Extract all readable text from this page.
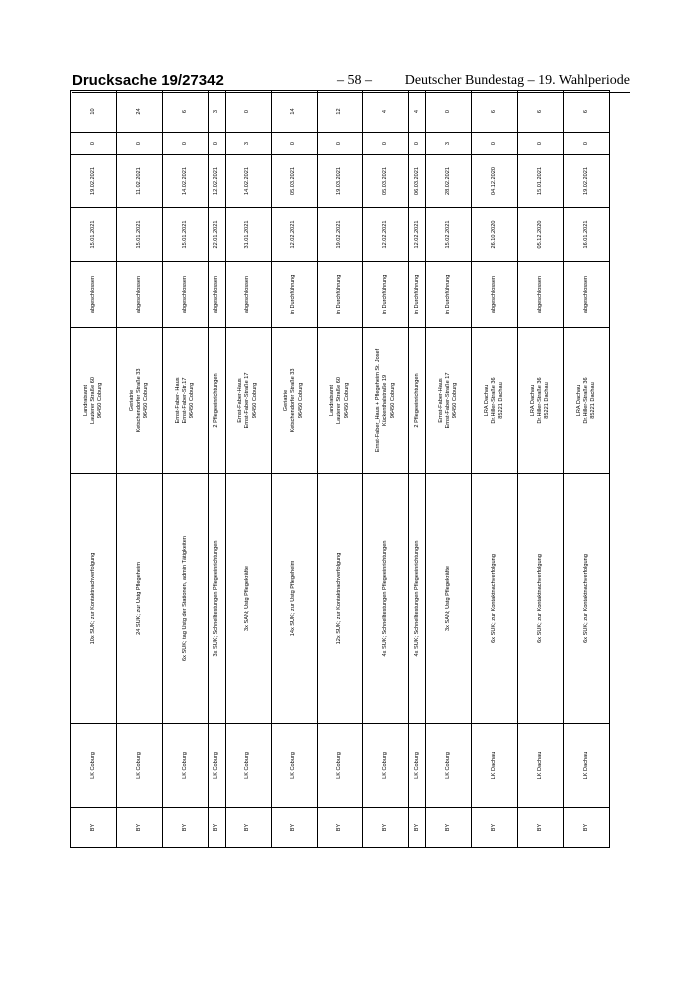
Drucksache 19/27342	– 58 – Deutscher Bundestag – 19. Wahlperiode
BY	LK Coburg	10x SUK; zur Kontaktnachverfolgung	Landratsamt Lauterer Straße 60 96450 Coburg	abgeschlossen	15.01.2021	19.02.2021	0	10
BY	LK Coburg	24 SUK; zur Ustg Pflegeheim	Geriatrie Ketschendorfer Straße 33 96450 Coburg	abgeschlossen	15.01.2021	11.02.2021	0	24
BY	LK Coburg	6x SUK; tag Ustg der Stationen, admin Tätigkeiten	Ernst-Faber- Haus Ernst-Faber-Str.17 96450 Coburg	abgeschlossen	15.01.2021	14.02.2021	0	6
BY	LK Coburg	3x SUK; Schnelltestungen Pflegeeinrichtungen	2 Pflegeeinrichtungen	abgeschlossen	22.01.2021	12.02.2021	0	3
BY	LK Coburg	3x SAN; Ustg Pflegekräfte	Ernst-Faber-Haus Ernst-Faber-Straße 17 96450 Coburg	abgeschlossen	31.01.2021	14.02.2021	3	0
BY	LK Coburg	14x SUK; zur Ustg Pflegeheim	Geriatrie Ketschendorfer Straße 33 96450 Coburg	in Durchführung	12.02.2021	05.03.2021	0	14
BY	LK Coburg	12x SUK; zur Kontaktnachverfolgung	Landratsamt Lauterer Straße 60 96450 Coburg	in Durchführung	19.02.2021	19.03.2021	0	12
BY	LK Coburg	4x SUK; Schnelltestungen Pflegeeinrichtungen	Ernst-Faber_Haus + Pflegeheim St. Josef Kückenthalstraße 19 96450 Coburg	in Durchführung	12.02.2021	05.03.2021	0	4
BY	LK Coburg	4x SUK; Schnelltestungen Pflegeeinrichtungen	2 Pflegeeinrichtungen	in Durchführung	12.02.2021	06.03.2021	0	4
BY	LK Coburg	3x SAN; Ustg Pflegekräfte	Ernst-Faber-Haus Ernst-Faber-Straße 17 96450 Coburg	in Durchführung	15.02.2021	28.02.2021	3	0
BY	LK Dachau	6x SUK; zur Kontaktnachverfolgung	LRA Dachau Dr.Hiller-Straße 36 85221 Dachau	abgeschlossen	26.10.2020	04.12.2020	0	6
BY	LK Dachau	6x SUK; zur Kontaktnachverfolgung	LRA Dachau Dr.Hiller-Straße 36 85221 Dachau	abgeschlossen	05.12.2020	15.01.2021	0	6
BY	LK Dachau	6x SUK; zur Kontaktnachverfolgung	LRA Dachau Dr.Hiller-Straße 36 85221 Dachau	abgeschlossen	16.01.2021	19.02.2021	0	6
